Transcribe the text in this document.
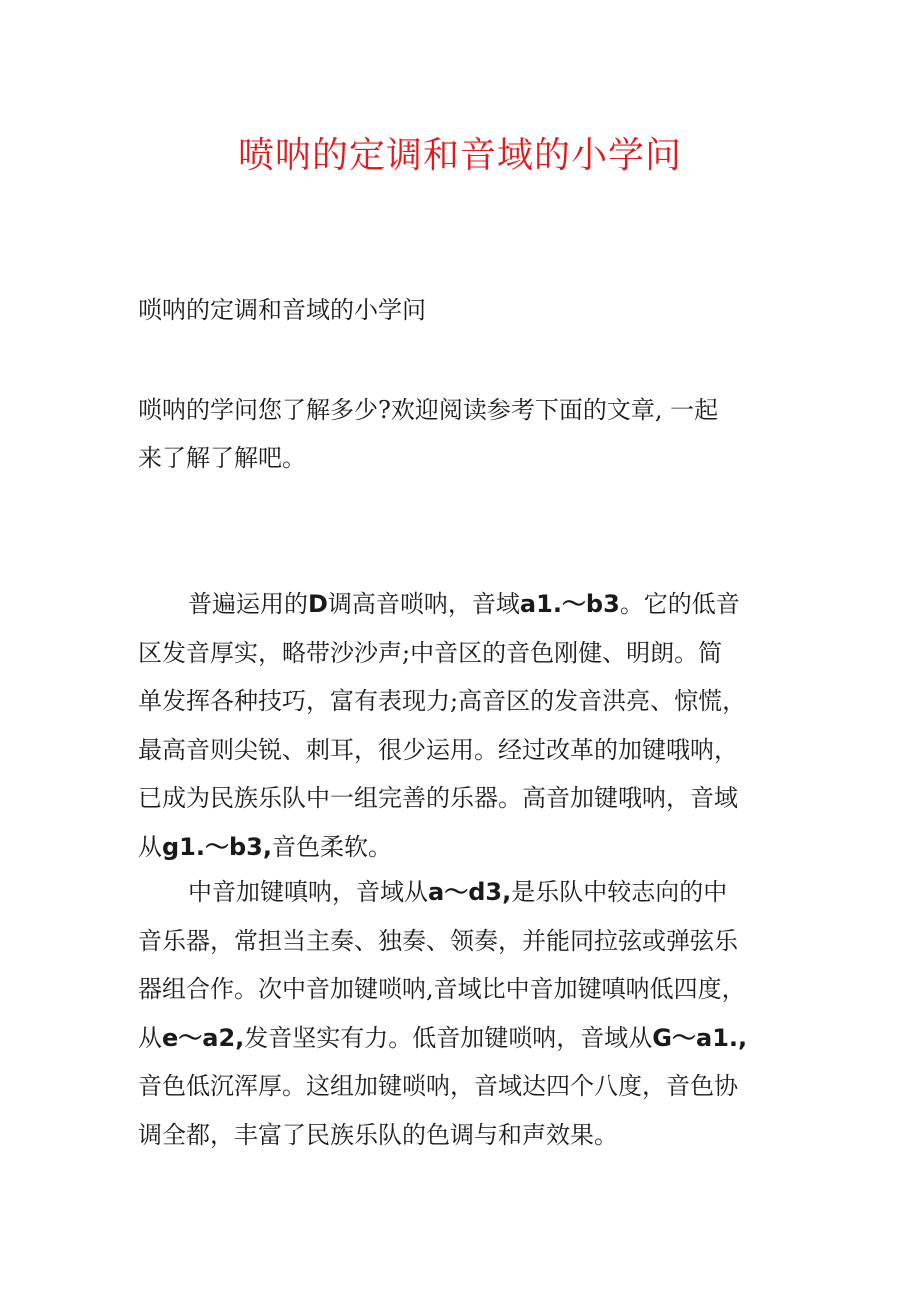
喷呐的定调和音域的小学问

唢呐的定调和音域的小学问

唢呐的学问您了解多少?欢迎阅读参考下面的文章, 一起
来了解了解吧。
普遍运用的D调高音唢呐，音域a1.～b3。它的低音
区发音厚实，略带沙沙声;中音区的音色刚健、明朗。简
单发挥各种技巧，富有表现力;高音区的发音洪亮、惊慌，
最高音则尖锐、刺耳，很少运用。经过改革的加键哦呐，
已成为民族乐队中一组完善的乐器。高音加键哦呐，音域
从g1.～b3,音色柔软。
中音加键嗔呐，音域从a～d3,是乐队中较志向的中
音乐器，常担当主奏、独奏、领奏，并能同拉弦或弹弦乐
器组合作。次中音加键唢呐,音域比中音加键嗔呐低四度，
从e～a2,发音坚实有力。低音加键唢呐，音域从G～a1.,
音色低沉浑厚。这组加键唢呐，音域达四个八度，音色协
调全都，丰富了民族乐队的色调与和声效果。
